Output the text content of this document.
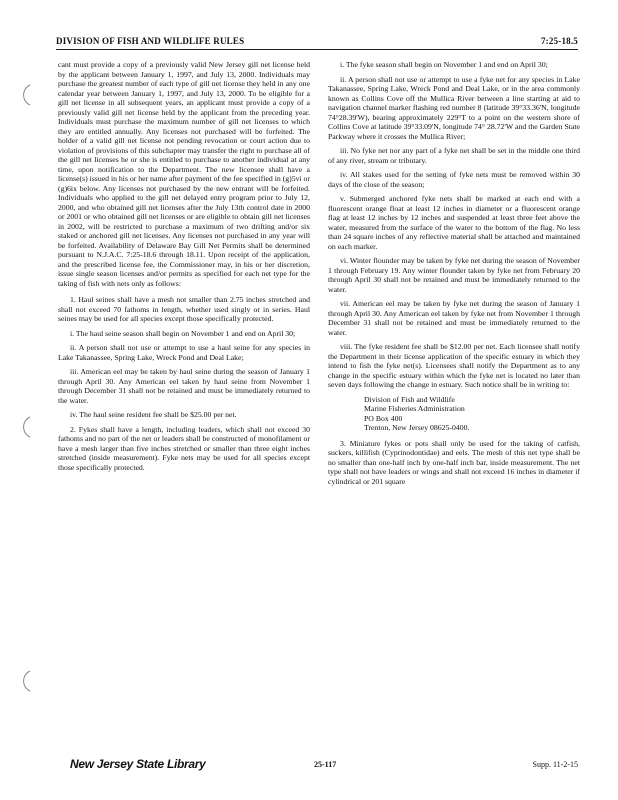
DIVISION OF FISH AND WILDLIFE RULES	7:25-18.5

cant must provide a copy of a previously valid New Jersey gill net license held by the applicant between January 1, 1997, and July 13, 2000. Individuals may purchase the greatest number of each type of gill net license they held in any one calendar year between January 1, 1997, and July 13, 2000. To be eligible for a gill net license in all subsequent years, an applicant must provide a copy of a previously valid gill net license held by the applicant from the preceding year. Individuals must purchase the maximum number of gill net licenses to which they are entitled annually. Any licenses not purchased will be forfeited. The holder of a valid gill net license not pending revocation or court action due to violation of provisions of this subchapter may transfer the right to purchase all of the gill net licenses he or she is entitled to purchase to another individual at any time, upon notification to the Department. The new licensee shall have a license(s) issued in his or her name after payment of the fee specified in (g)5vi or (g)6ix below. Any licenses not purchased by the new entrant will be forfeited. Individuals who applied to the gill net delayed entry program prior to July 12, 2000, and who obtained gill net licenses after the July 13th control date in 2000 or 2001 or who obtained gill net licenses or are eligible to obtain gill net licenses in 2002, will be restricted to purchase a maximum of two drifting and/or six staked or anchored gill net licenses. Any licenses not purchased in any year will be forfeited. Availability of Delaware Bay Gill Net Permits shall be determined pursuant to N.J.A.C. 7:25-18.6 through 18.11. Upon receipt of the application, and the prescribed license fee, the Commissioner may, in his or her discretion, issue single season licenses and/or permits as specified for each net type for the taking of fish with nets only as follows:

1. Haul seines shall have a mesh not smaller than 2.75 inches stretched and shall not exceed 70 fathoms in length, whether used singly or in series. Haul seines may be used for all species except those specifically protected.

i. The haul seine season shall begin on November 1 and end on April 30;

ii. A person shall not use or attempt to use a haul seine for any species in Lake Takanassee, Spring Lake, Wreck Pond and Deal Lake;

iii. American eel may be taken by haul seine during the season of January 1 through April 30. Any American eel taken by haul seine from November 1 through December 31 shall not be retained and must be immediately returned to the water.

iv. The haul seine resident fee shall be $25.00 per net.

2. Fykes shall have a length, including leaders, which shall not exceed 30 fathoms and no part of the net or leaders shall be constructed of monofilament or have a mesh larger than five inches stretched or smaller than three eight inches stretched (inside measurement). Fyke nets may be used for all species except those specifically protected.

i. The fyke season shall begin on November 1 and end on April 30;

ii. A person shall not use or attempt to use a fyke net for any species in Lake Takanassee, Spring Lake, Wreck Pond and Deal Lake, or in the area commonly known as Collins Cove off the Mullica River between a line starting at aid to navigation channel marker flashing red number 8 (latitude 39°33.36'N, longitude 74°28.39'W), bearing approximately 229°T to a point on the western shore of Collins Cove at latitude 39°33.09'N, longitude 74° 28.72'W and the Garden State Parkway where it crosses the Mullica River;

iii. No fyke net nor any part of a fyke net shall be set in the middle one third of any river, stream or tributary.

iv. All stakes used for the setting of fyke nets must be removed within 30 days of the close of the season;

v. Submerged anchored fyke nets shall be marked at each end with a fluorescent orange float at least 12 inches in diameter or a fluorescent orange flag at least 12 inches by 12 inches and suspended at least three feet above the water, measured from the surface of the water to the bottom of the flag. No less than 24 square inches of any reflective material shall be attached and maintained on each marker.

vi. Winter flounder may be taken by fyke net during the season of November 1 through February 19. Any winter flounder taken by fyke net from February 20 through April 30 shall not be retained and must be immediately returned to the water.

vii. American eel may be taken by fyke net during the season of January 1 through April 30. Any American eel taken by fyke net from November 1 through December 31 shall not be retained and must be immediately returned to the water.

viii. The fyke resident fee shall be $12.00 per net. Each licensee shall notify the Department in their license application of the specific estuary in which they intend to fish the fyke net(s). Licensees shall notify the Department as to any change in the specific estuary within which the fyke net is located no later than seven days following the change in estuary. Such notice shall be in writing to:

Division of Fish and Wildlife
Marine Fisheries Administration
PO Box 400
Trenton, New Jersey 08625-0400.

3. Miniature fykes or pots shall only be used for the taking of catfish, suckers, killifish (Cyprinodontidae) and eels. The mesh of this net type shall be no smaller than one-half inch by one-half inch bar, inside measurement. The net type shall not have leaders or wings and shall not exceed 16 inches in diameter if cylindrical or 201 square

New Jersey State Library	25-117	Supp. 11-2-15
